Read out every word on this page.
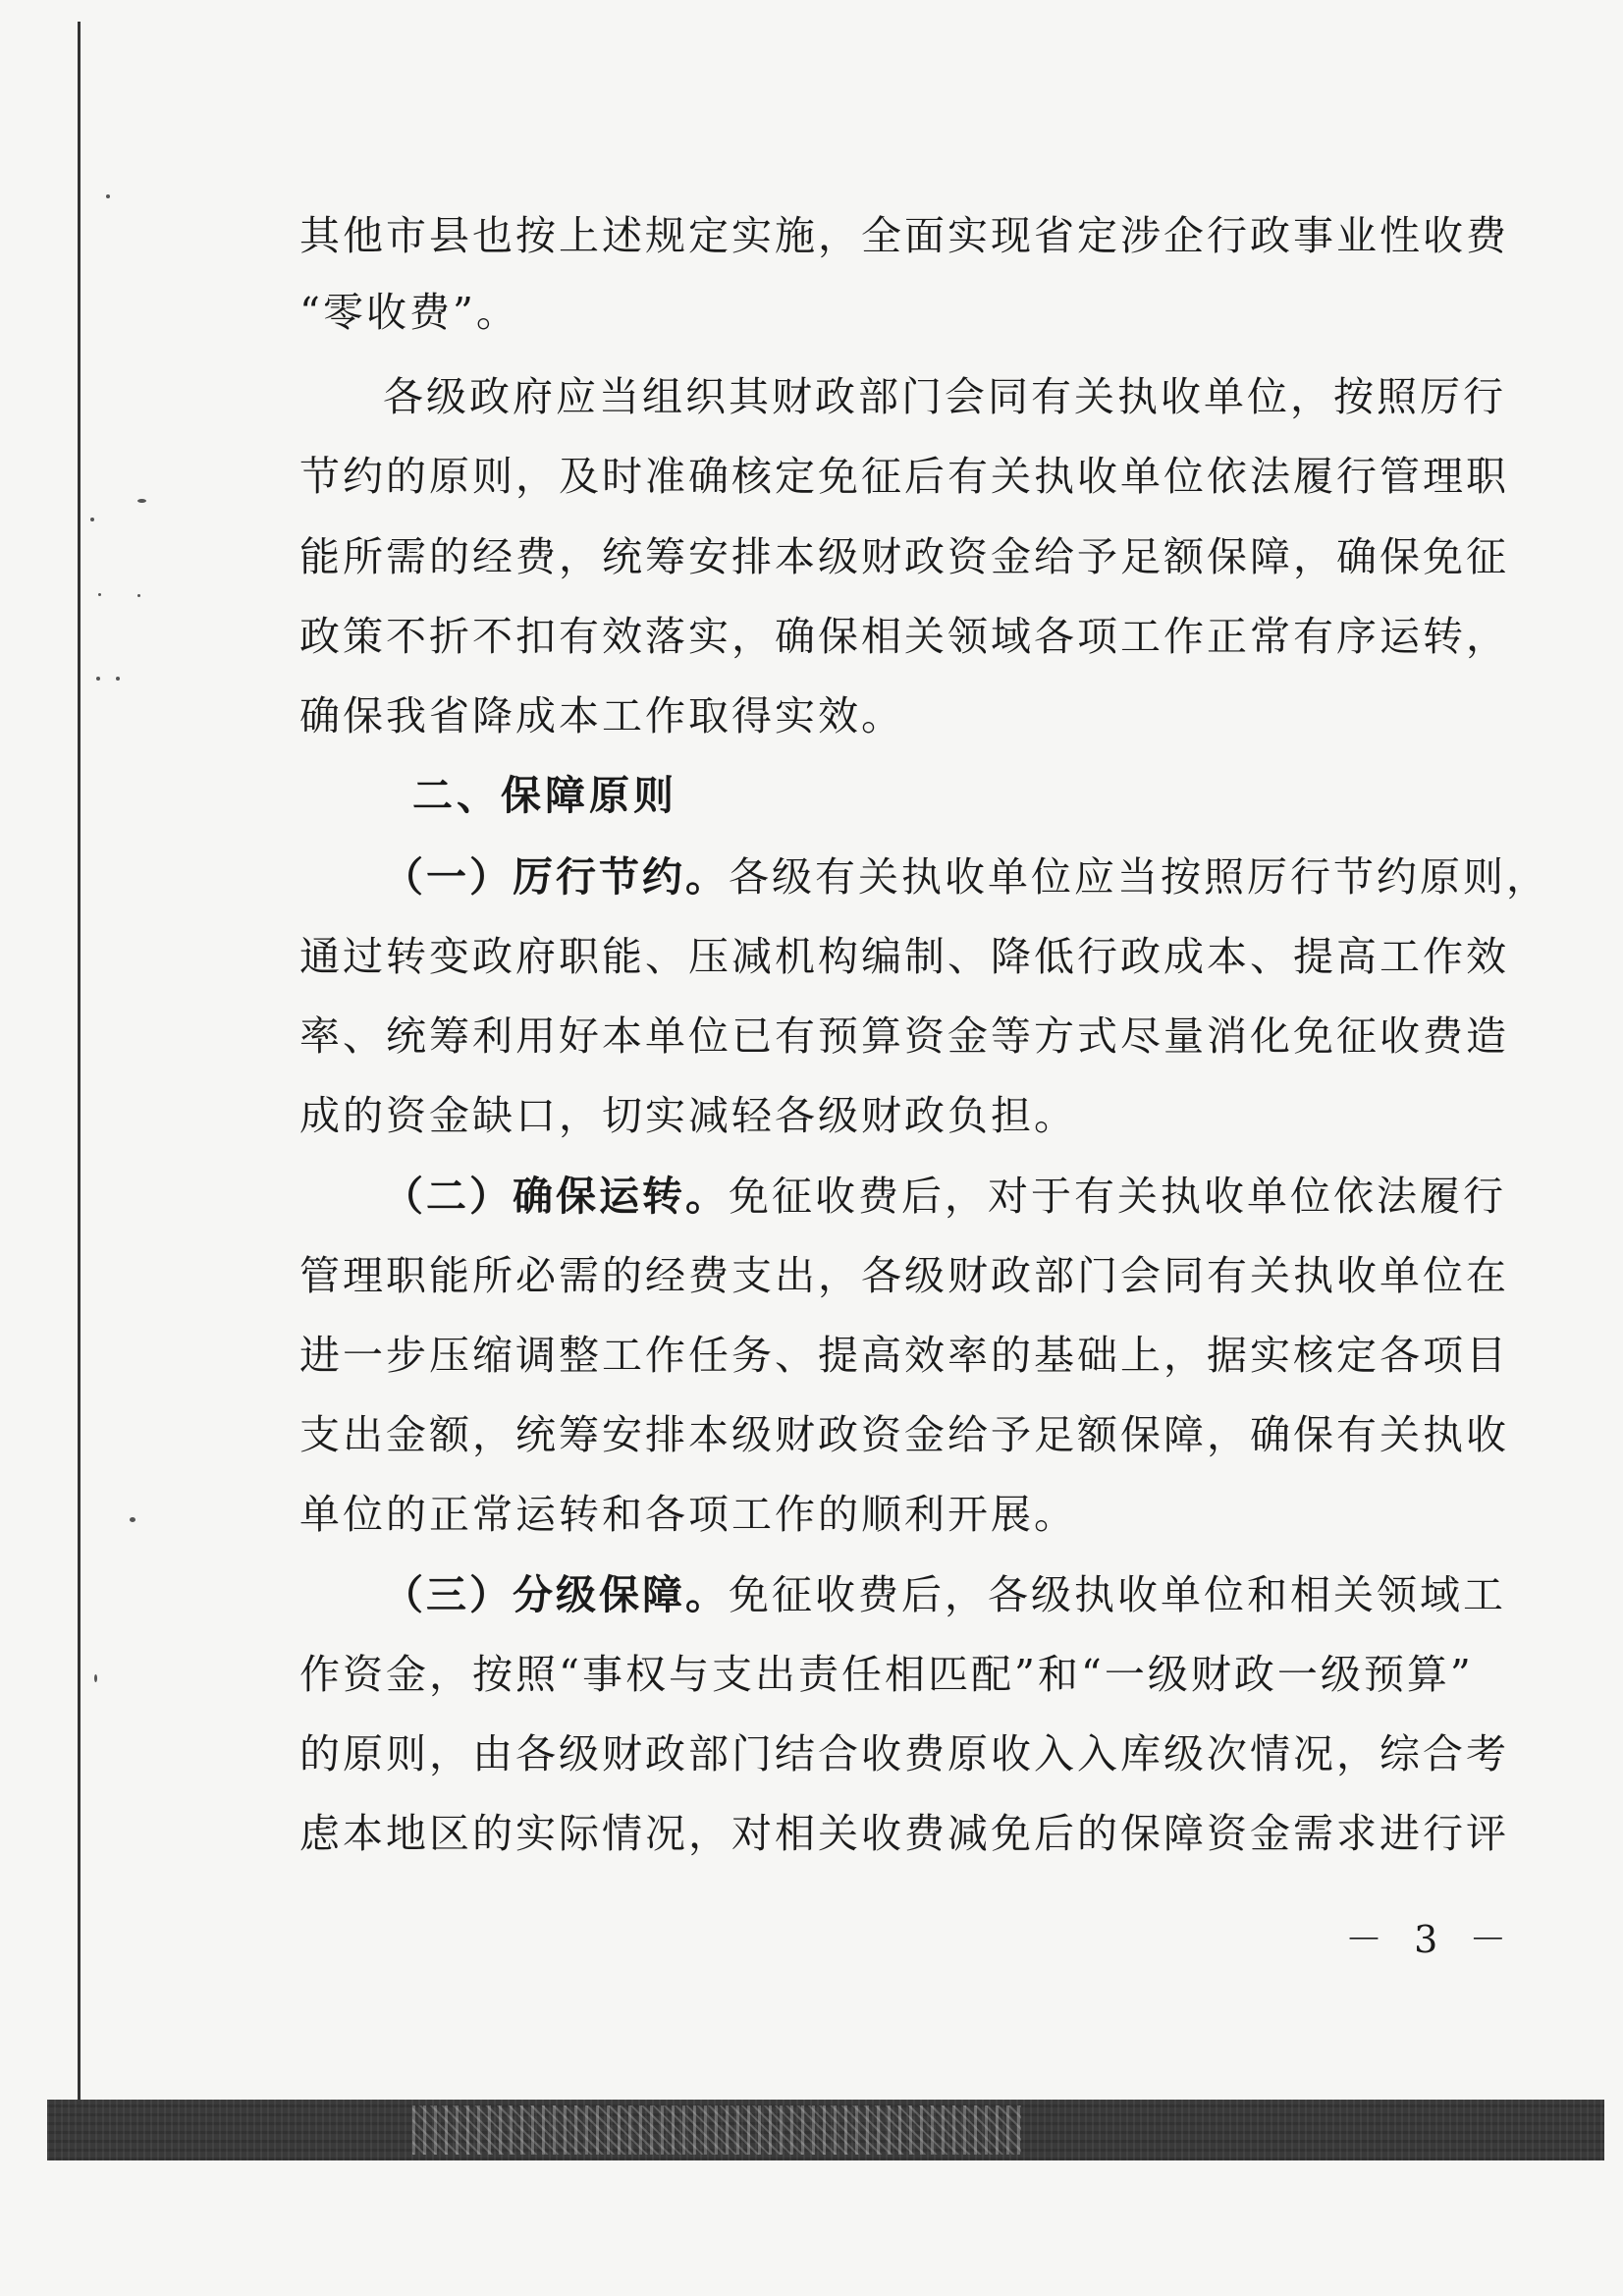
其他市县也按上述规定实施，全面实现省定涉企行政事业性收费
“零收费”。
各级政府应当组织其财政部门会同有关执收单位，按照厉行
节约的原则，及时准确核定免征后有关执收单位依法履行管理职
能所需的经费，统筹安排本级财政资金给予足额保障，确保免征
政策不折不扣有效落实，确保相关领域各项工作正常有序运转，
确保我省降成本工作取得实效。
二、保障原则
（一）厉行节约。各级有关执收单位应当按照厉行节约原则，
通过转变政府职能、压减机构编制、降低行政成本、提高工作效
率、统筹利用好本单位已有预算资金等方式尽量消化免征收费造
成的资金缺口，切实减轻各级财政负担。
（二）确保运转。免征收费后，对于有关执收单位依法履行
管理职能所必需的经费支出，各级财政部门会同有关执收单位在
进一步压缩调整工作任务、提高效率的基础上，据实核定各项目
支出金额，统筹安排本级财政资金给予足额保障，确保有关执收
单位的正常运转和各项工作的顺利开展。
（三）分级保障。免征收费后，各级执收单位和相关领域工
作资金，按照“事权与支出责任相匹配”和“一级财政一级预算”
的原则，由各级财政部门结合收费原收入入库级次情况，综合考
虑本地区的实际情况，对相关收费减免后的保障资金需求进行评
－ 3 －
